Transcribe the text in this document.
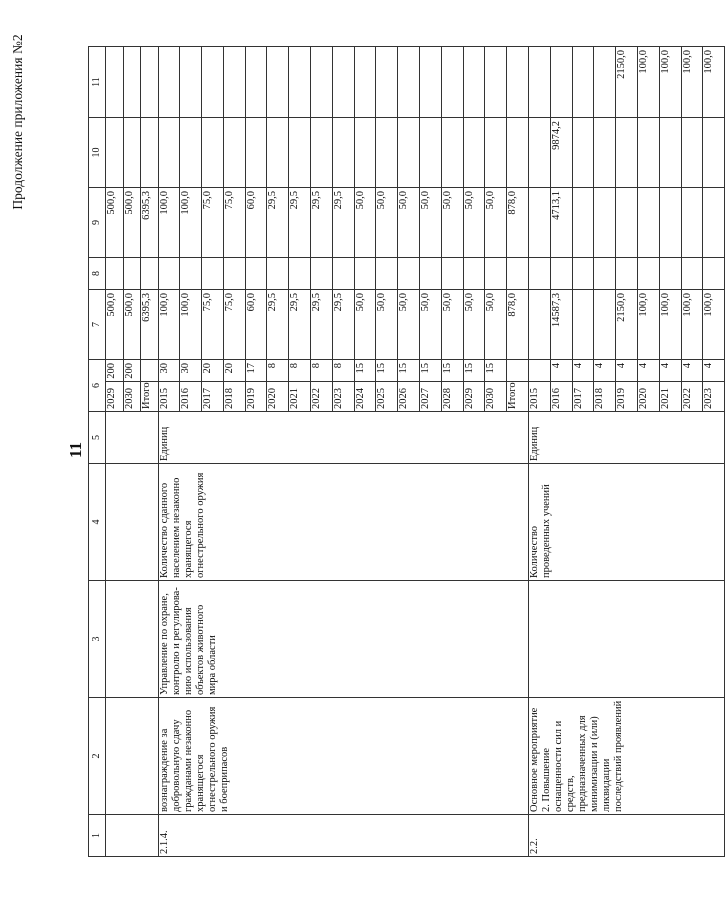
11
Продолжение приложения №2
1	2	3	4	5	6		7	8	9	10	11
					2029	200	500,0		500,0		
					2030	200	500,0		500,0		
					Итого		6395,3		6395,3		
2.1.4.	вознаграждение за добровольную сдачу гражданами незаконно хранящегося огнестрельного оружия и боеприпасов	Управление по охране, контролю и регулирова-нию использования объектов животного мира области	Количество сданного населением незаконно хранящегося огнестрельного оружия	Единиц	2015	30	100,0		100,0		
					2016	30	100,0		100,0		
					2017	20	75,0		75,0		
					2018	20	75,0		75,0		
					2019	17	60,0		60,0		
					2020	8	29,5		29,5		
					2021	8	29,5		29,5		
					2022	8	29,5		29,5		
					2023	8	29,5		29,5		
					2024	15	50,0		50,0		
					2025	15	50,0		50,0		
					2026	15	50,0		50,0		
					2027	15	50,0		50,0		
					2028	15	50,0		50,0		
					2029	15	50,0		50,0		
					2030	15	50,0		50,0		
					Итого		878,0		878,0		
2.2.	Основное мероприятие 2. Повышение оснащенности сил и средств, предназначенных для минимизации и (или) ликвидации последствий проявлений		Количество проведенных учений	Единиц	2015						
					2016	4	14587,3		4713,1	9874,2	
					2017	4					
					2018	4					
					2019	4	2150,0				2150,0
					2020	4	100,0				100,0
					2021	4	100,0				100,0
					2022	4	100,0				100,0
					2023	4	100,0				100,0
